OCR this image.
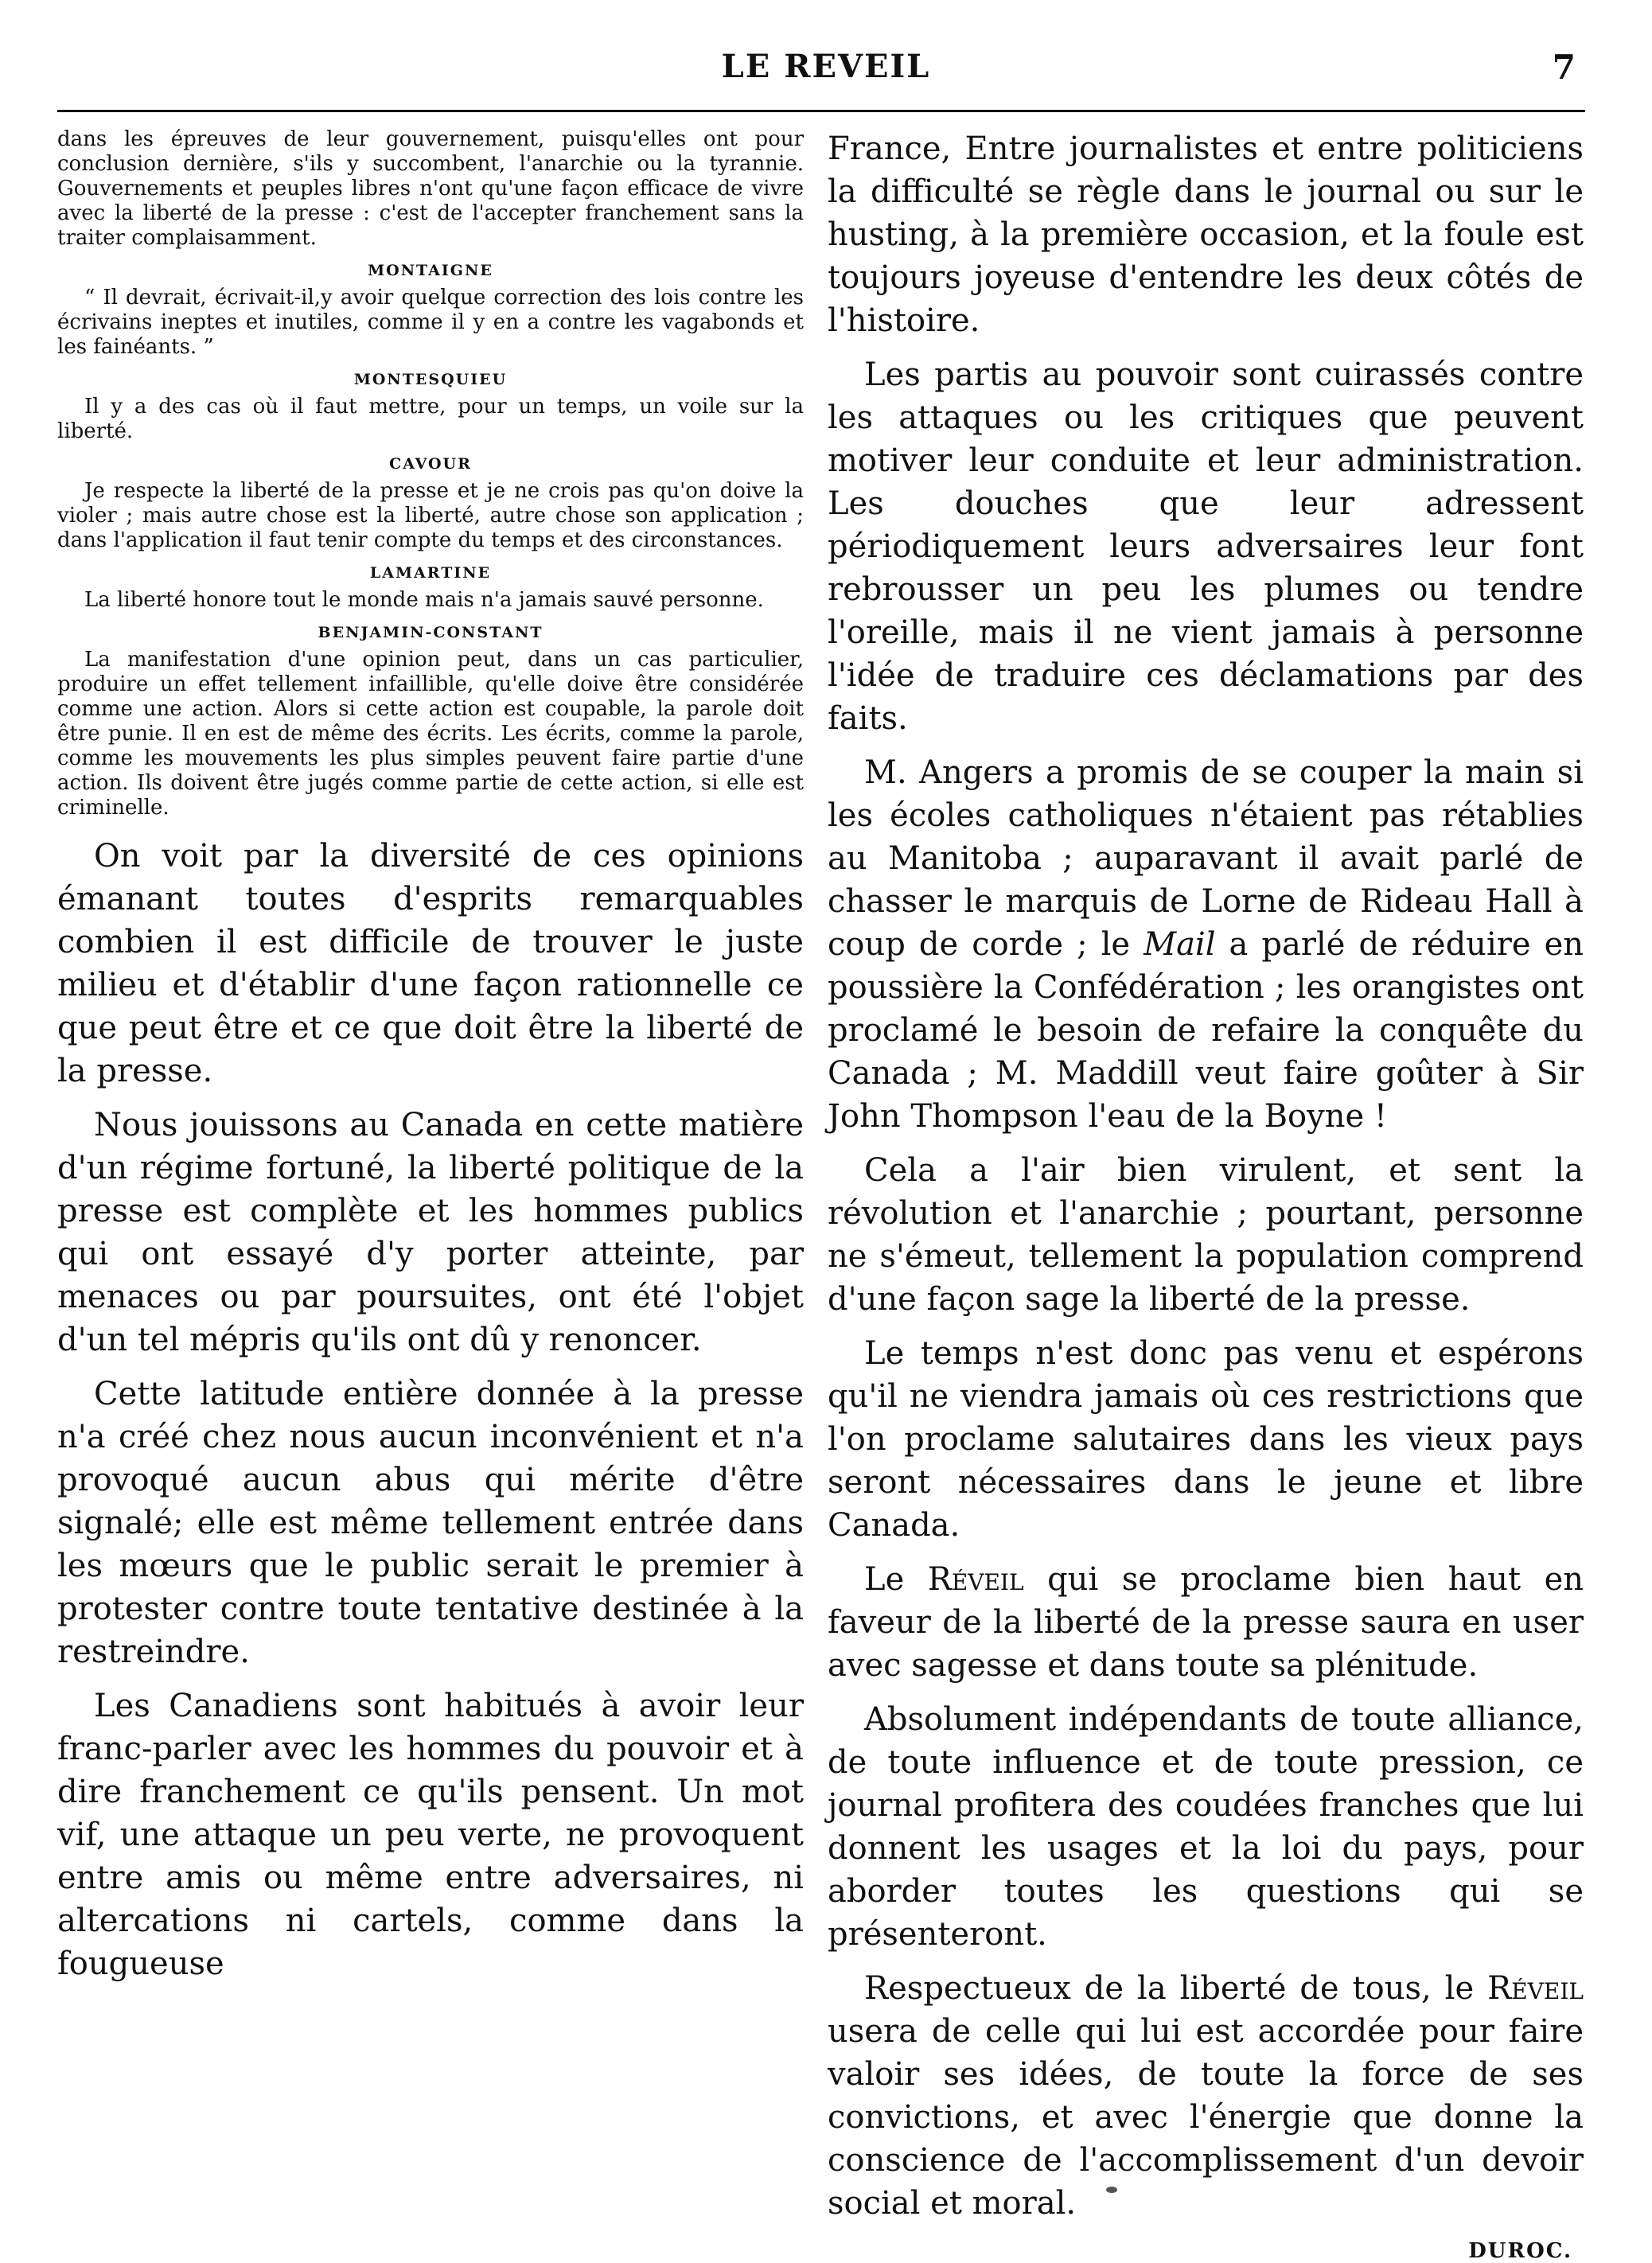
LE REVEIL	7

dans les épreuves de leur gouvernement, puisqu'elles ont pour conclusion dernière, s'ils y succombent, l'anarchie ou la tyrannie. Gouvernements et peuples libres n'ont qu'une façon efficace de vivre avec la liberté de la presse : c'est de l'accepter franchement sans la traiter complaisamment.

MONTAIGNE

“ Il devrait, écrivait-il,y avoir quelque correction des lois contre les écrivains ineptes et inutiles, comme il y en a contre les vagabonds et les fainéants. ”

MONTESQUIEU

Il y a des cas où il faut mettre, pour un temps, un voile sur la liberté.

CAVOUR

Je respecte la liberté de la presse et je ne crois pas qu'on doive la violer ; mais autre chose est la liberté, autre chose son application ; dans l'application il faut tenir compte du temps et des circonstances.

LAMARTINE

La liberté honore tout le monde mais n'a jamais sauvé personne.

BENJAMIN-CONSTANT

La manifestation d'une opinion peut, dans un cas particulier, produire un effet tellement infaillible, qu'elle doive être considérée comme une action. Alors si cette action est coupable, la parole doit être punie. Il en est de même des écrits. Les écrits, comme la parole, comme les mouvements les plus simples peuvent faire partie d'une action. Ils doivent être jugés comme partie de cette action, si elle est criminelle.

On voit par la diversité de ces opinions émanant toutes d'esprits remarquables combien il est difficile de trouver le juste milieu et d'établir d'une façon rationnelle ce que peut être et ce que doit être la liberté de la presse.

Nous jouissons au Canada en cette matière d'un régime fortuné, la liberté politique de la presse est complète et les hommes publics qui ont essayé d'y porter atteinte, par menaces ou par poursuites, ont été l'objet d'un tel mépris qu'ils ont dû y renoncer.

Cette latitude entière donnée à la presse n'a créé chez nous aucun inconvénient et n'a provoqué aucun abus qui mérite d'être signalé; elle est même tellement entrée dans les mœurs que le public serait le premier à protester contre toute tentative destinée à la restreindre.

Les Canadiens sont habitués à avoir leur franc-parler avec les hommes du pouvoir et à dire franchement ce qu'ils pensent. Un mot vif, une attaque un peu verte, ne provoquent entre amis ou même entre adversaires, ni altercations ni cartels, comme dans la fougueuse

France, Entre journalistes et entre politiciens la difficulté se règle dans le journal ou sur le husting, à la première occasion, et la foule est toujours joyeuse d'entendre les deux côtés de l'histoire.

Les partis au pouvoir sont cuirassés contre les attaques ou les critiques que peuvent motiver leur conduite et leur administration. Les douches que leur adressent périodiquement leurs adversaires leur font rebrousser un peu les plumes ou tendre l'oreille, mais il ne vient jamais à personne l'idée de traduire ces déclamations par des faits.

M. Angers a promis de se couper la main si les écoles catholiques n'étaient pas rétablies au Manitoba ; auparavant il avait parlé de chasser le marquis de Lorne de Rideau Hall à coup de corde ; le Mail a parlé de réduire en poussière la Confédération ; les orangistes ont proclamé le besoin de refaire la conquête du Canada ; M. Maddill veut faire goûter à Sir John Thompson l'eau de la Boyne !

Cela a l'air bien virulent, et sent la révolution et l'anarchie ; pourtant, personne ne s'émeut, tellement la population comprend d'une façon sage la liberté de la presse.

Le temps n'est donc pas venu et espérons qu'il ne viendra jamais où ces restrictions que l'on proclame salutaires dans les vieux pays seront nécessaires dans le jeune et libre Canada.

Le Réveil qui se proclame bien haut en faveur de la liberté de la presse saura en user avec sagesse et dans toute sa plénitude.

Absolument indépendants de toute alliance, de toute influence et de toute pression, ce journal profitera des coudées franches que lui donnent les usages et la loi du pays, pour aborder toutes les questions qui se présenteront.

Respectueux de la liberté de tous, le Réveil usera de celle qui lui est accordée pour faire valoir ses idées, de toute la force de ses convictions, et avec l'énergie que donne la conscience de l'accomplissement d'un devoir social et moral.

DUROC.
